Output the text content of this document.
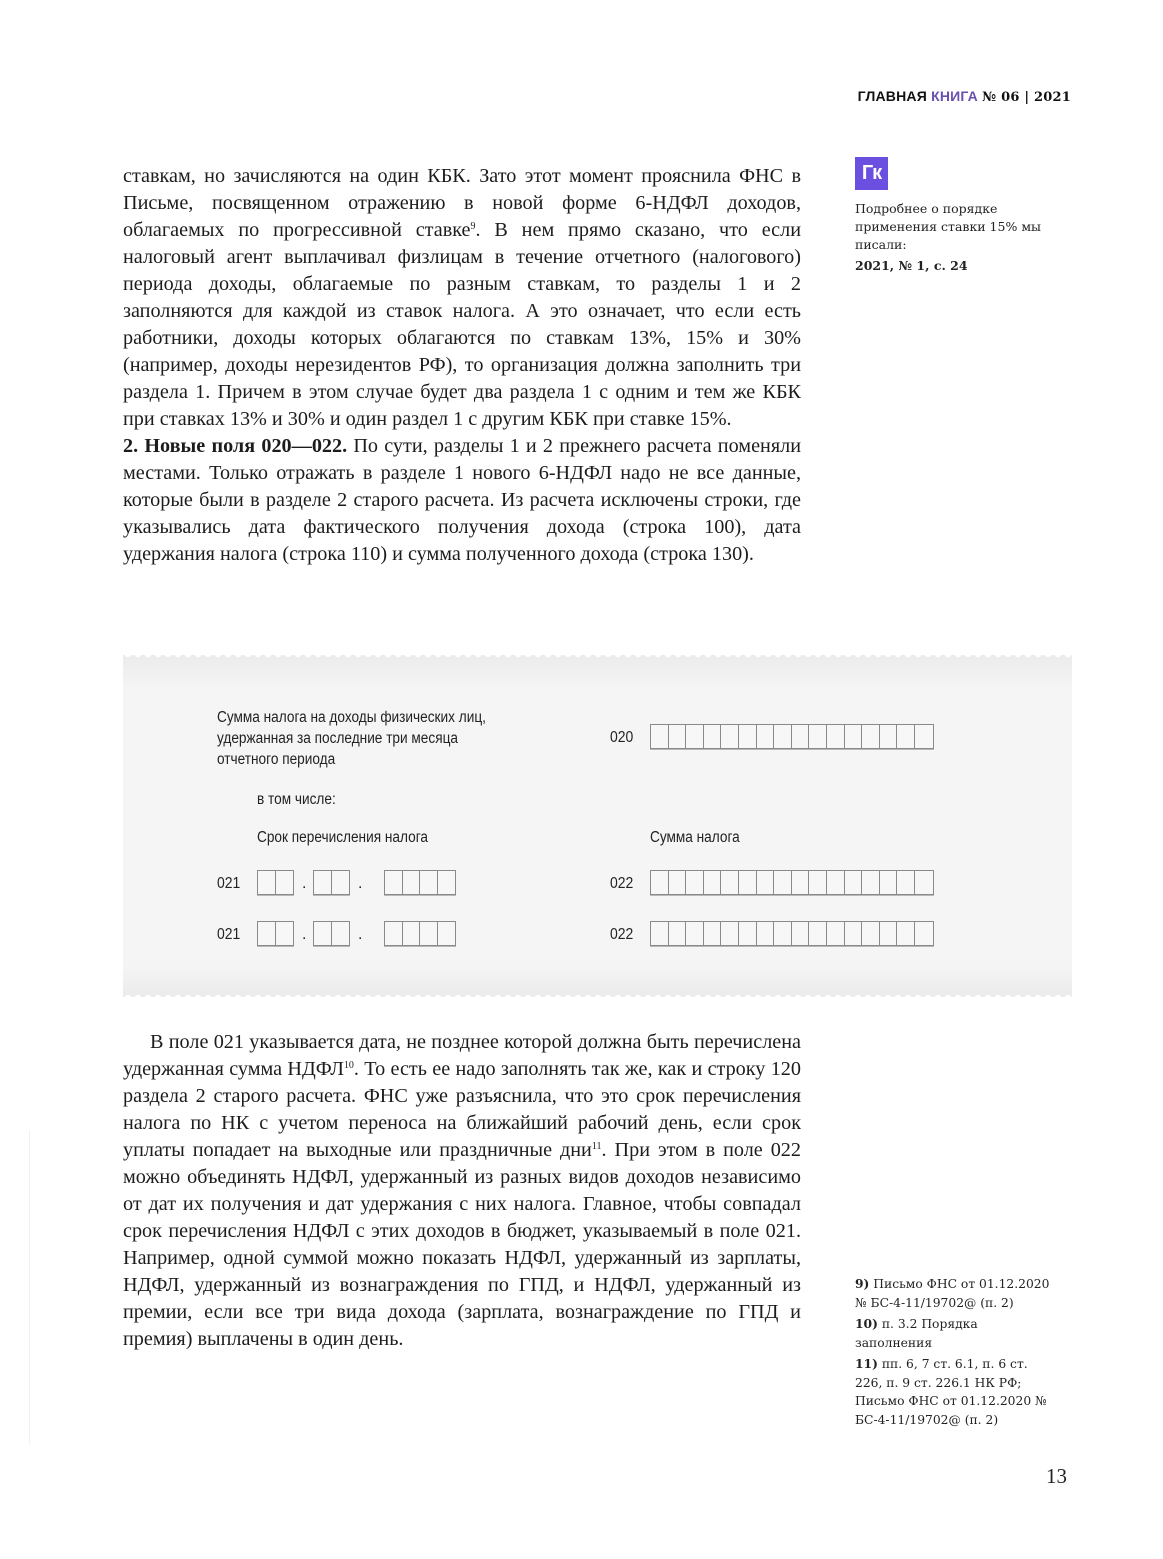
ГЛАВНАЯ КНИГА № 06 | 2021

ставкам, но зачисляются на один КБК. Зато этот момент прояснила ФНС в Письме, посвященном отражению в новой форме 6-НДФЛ доходов, облагаемых по прогрессивной ставке$^9$. В нем прямо сказано, что если налоговый агент выплачивал физлицам в течение отчетного (налогового) периода доходы, облагаемые по разным ставкам, то разделы 1 и 2 заполняются для каждой из ставок налога. А это означает, что если есть работники, доходы которых облагаются по ставкам 13%, 15% и 30% (например, доходы нерезидентов РФ), то организация должна заполнить три раздела 1. Причем в этом случае будет два раздела 1 с одним и тем же КБК при ставках 13% и 30% и один раздел 1 с другим КБК при ставке 15%.

2. Новые поля 020—022. По сути, разделы 1 и 2 прежнего расчета поменяли местами. Только отражать в разделе 1 нового 6-НДФЛ надо не все данные, которые были в разделе 2 старого расчета. Из расчета исключены строки, где указывались дата фактического получения дохода (строка 100), дата удержания налога (строка 110) и сумма полученного дохода (строка 130).

Гк
Подробнее о порядке применения ставки 15% мы писали:
2021, № 1, с. 24
Сумма налога на доходы физических лиц,
удержанная за последние три месяца
отчетного периода
020
в том числе:
Срок перечисления налога	Сумма налога
021	.	.	022
021	.	.	022

В поле 021 указывается дата, не позднее которой должна быть перечислена удержанная сумма НДФЛ$^{10}$. То есть ее надо заполнять так же, как и строку 120 раздела 2 старого расчета. ФНС уже разъяснила, что это срок перечисления налога по НК с учетом переноса на ближайший рабочий день, если срок уплаты попадает на выходные или праздничные дни$^{11}$. При этом в поле 022 можно объединять НДФЛ, удержанный из разных видов доходов независимо от дат их получения и дат удержания с них налога. Главное, чтобы совпадал срок перечисления НДФЛ с этих доходов в бюджет, указываемый в поле 021. Например, одной суммой можно показать НДФЛ, удержанный из зарплаты, НДФЛ, удержанный из вознаграждения по ГПД, и НДФЛ, удержанный из премии, если все три вида дохода (зарплата, вознаграждение по ГПД и премия) выплачены в один день.

9) Письмо ФНС от 01.12.2020 № БС-4-11/19702@ (п. 2)
10) п. 3.2 Порядка заполнения
11) пп. 6, 7 ст. 6.1, п. 6 ст. 226, п. 9 ст. 226.1 НК РФ; Письмо ФНС от 01.12.2020 № БС-4-11/19702@ (п. 2)
13
